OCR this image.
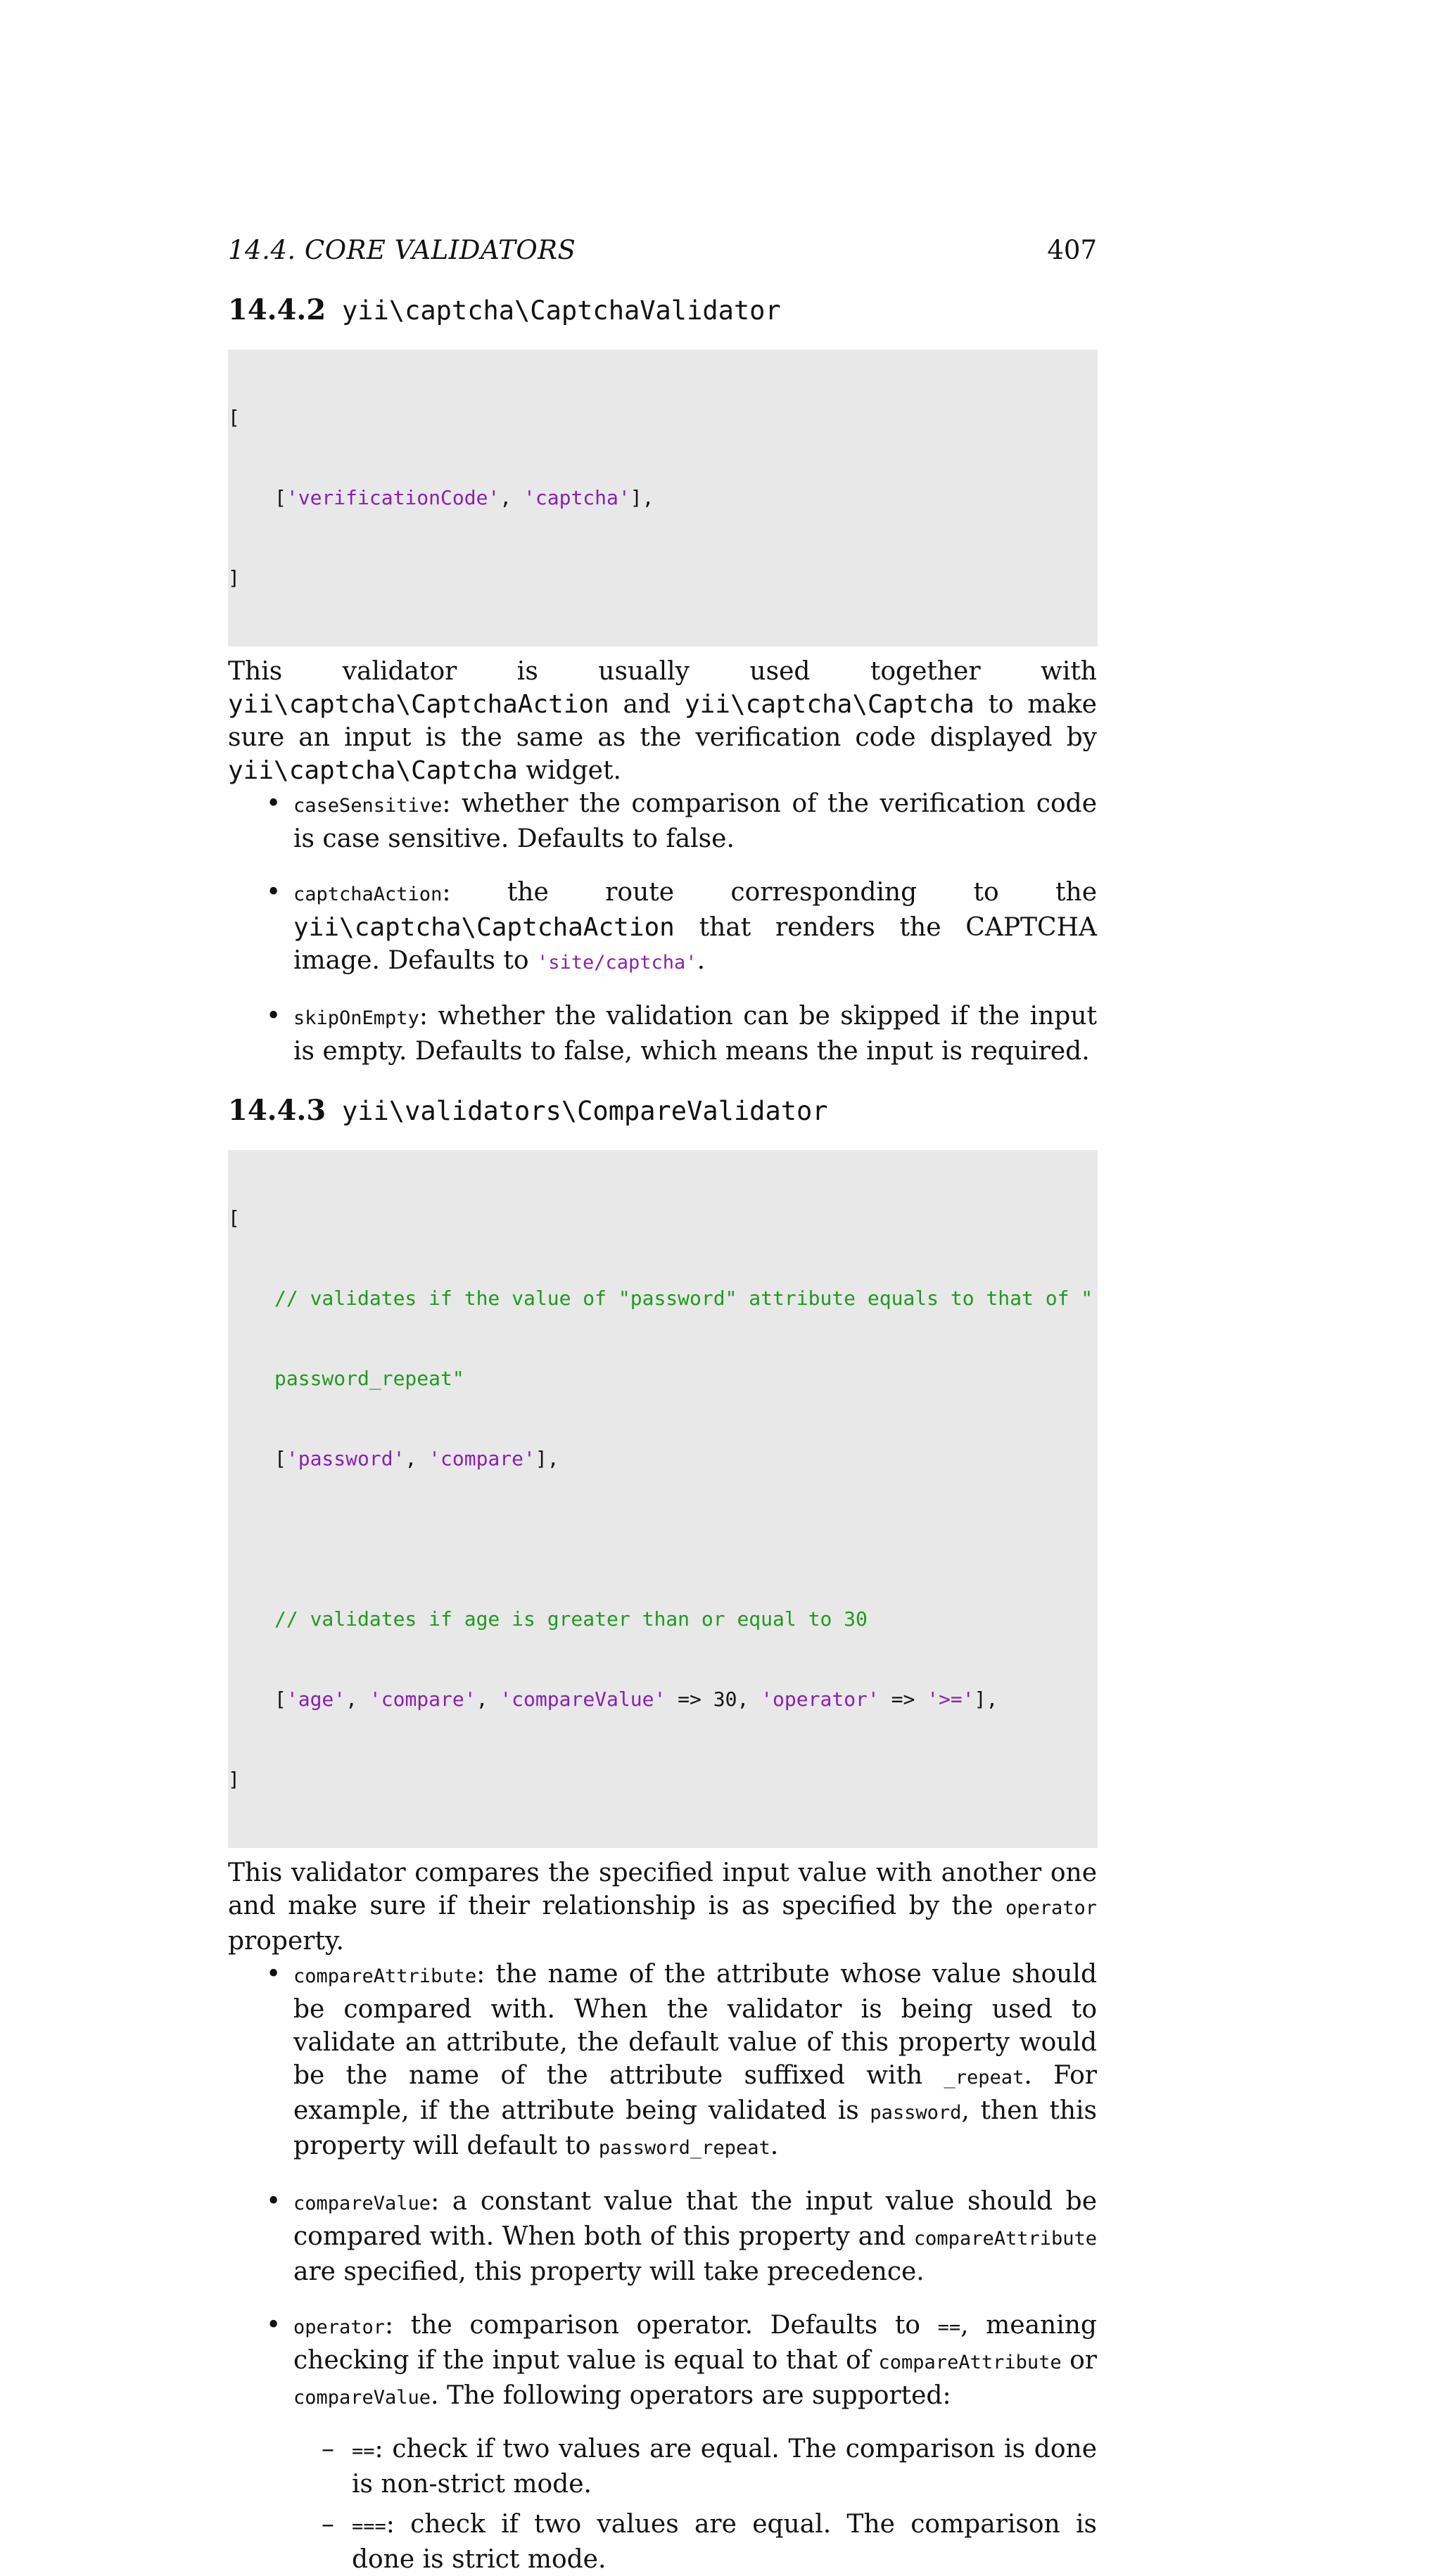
14.4. CORE VALIDATORS	407
14.4.2 yii\captcha\CaptchaValidator

[

['verificationCode', 'captcha'],

]

This validator is usually used together with yii\captcha\CaptchaAction and yii\captcha\Captcha to make sure an input is the same as the verification code displayed by yii\captcha\Captcha widget.

• caseSensitive: whether the comparison of the verification code is case sensitive. Defaults to false.
• captchaAction: the route corresponding to the yii\captcha\CaptchaAction that renders the CAPTCHA image. Defaults to 'site/captcha'.
• skipOnEmpty: whether the validation can be skipped if the input is empty. Defaults to false, which means the input is required.
14.4.3 yii\validators\CompareValidator

[

// validates if the value of "password" attribute equals to that of "

password_repeat"

['password', 'compare'],

// validates if age is greater than or equal to 30

['age', 'compare', 'compareValue' => 30, 'operator' => '>='],

]

This validator compares the specified input value with another one and make sure if their relationship is as specified by the operator property.

• compareAttribute: the name of the attribute whose value should be compared with. When the validator is being used to validate an attribute, the default value of this property would be the name of the attribute suffixed with _repeat. For example, if the attribute being validated is password, then this property will default to password_repeat.
• compareValue: a constant value that the input value should be compared with. When both of this property and compareAttribute are specified, this property will take precedence.
• operator: the comparison operator. Defaults to ==, meaning checking if the input value is equal to that of compareAttribute or compareValue. The following operators are supported:
– ==: check if two values are equal. The comparison is done is non-strict mode.
– ===: check if two values are equal. The comparison is done is strict mode.
